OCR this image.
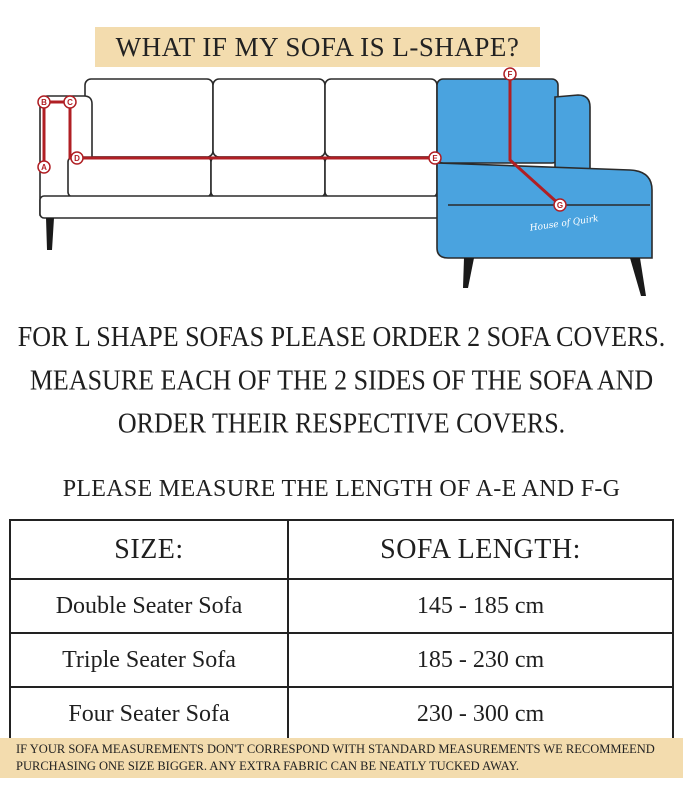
WHAT IF MY SOFA IS L-SHAPE?
A
B	C
D	E
F
G
House of Quirk
FOR L SHAPE SOFAS PLEASE ORDER 2 SOFA COVERS.
MEASURE EACH OF THE 2 SIDES OF THE SOFA AND
ORDER THEIR RESPECTIVE COVERS.
PLEASE MEASURE THE LENGTH OF A-E AND F-G
SIZE:	SOFA LENGTH:
Double Seater Sofa	145 - 185 cm
Triple Seater Sofa	185 - 230 cm
Four Seater Sofa	230 - 300 cm
IF YOUR SOFA MEASUREMENTS DON'T CORRESPOND WITH STANDARD MEASUREMENTS WE RECOMMEEND
PURCHASING ONE SIZE BIGGER. ANY EXTRA FABRIC CAN BE NEATLY TUCKED AWAY.
